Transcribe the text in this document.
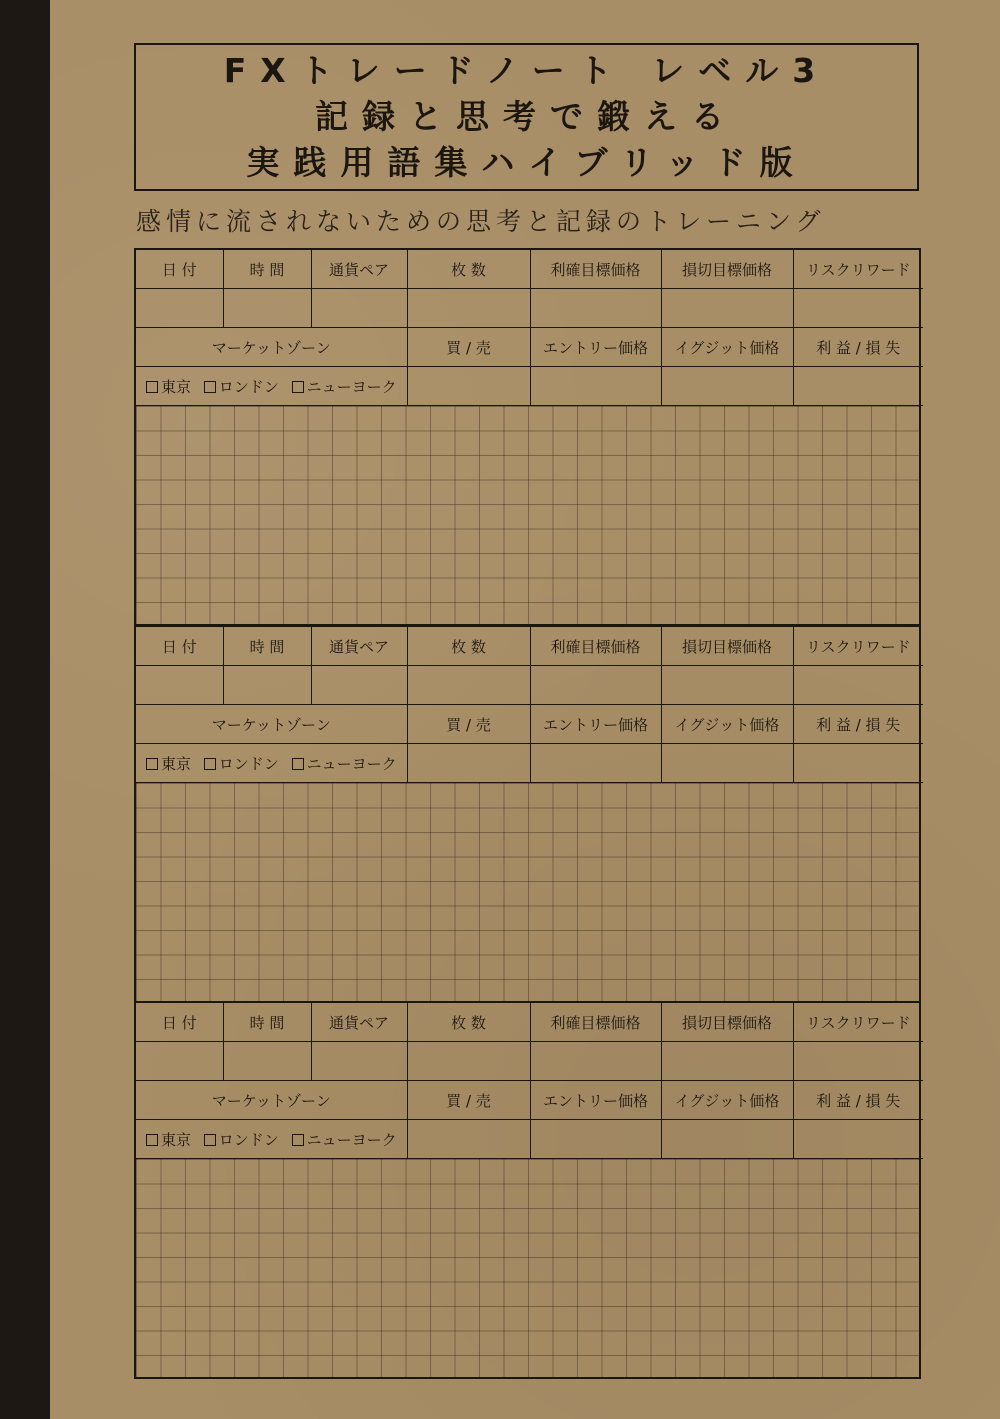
FXトレードノート レベル3
記録と思考で鍛える
実践用語集ハイブリッド版
感情に流されないための思考と記録のトレーニング
日 付	時 間	通貨ペア	枚 数	利確目標価格	損切目標価格	リスクリワード

マーケットゾーン			買 / 売	エントリー価格	イグジット価格	利 益 / 損 失
東京 ロンドン ニューヨーク						
日 付	時 間	通貨ペア	枚 数	利確目標価格	損切目標価格	リスクリワード

マーケットゾーン			買 / 売	エントリー価格	イグジット価格	利 益 / 損 失
東京 ロンドン ニューヨーク						
日 付	時 間	通貨ペア	枚 数	利確目標価格	損切目標価格	リスクリワード

マーケットゾーン			買 / 売	エントリー価格	イグジット価格	利 益 / 損 失
東京 ロンドン ニューヨーク						
